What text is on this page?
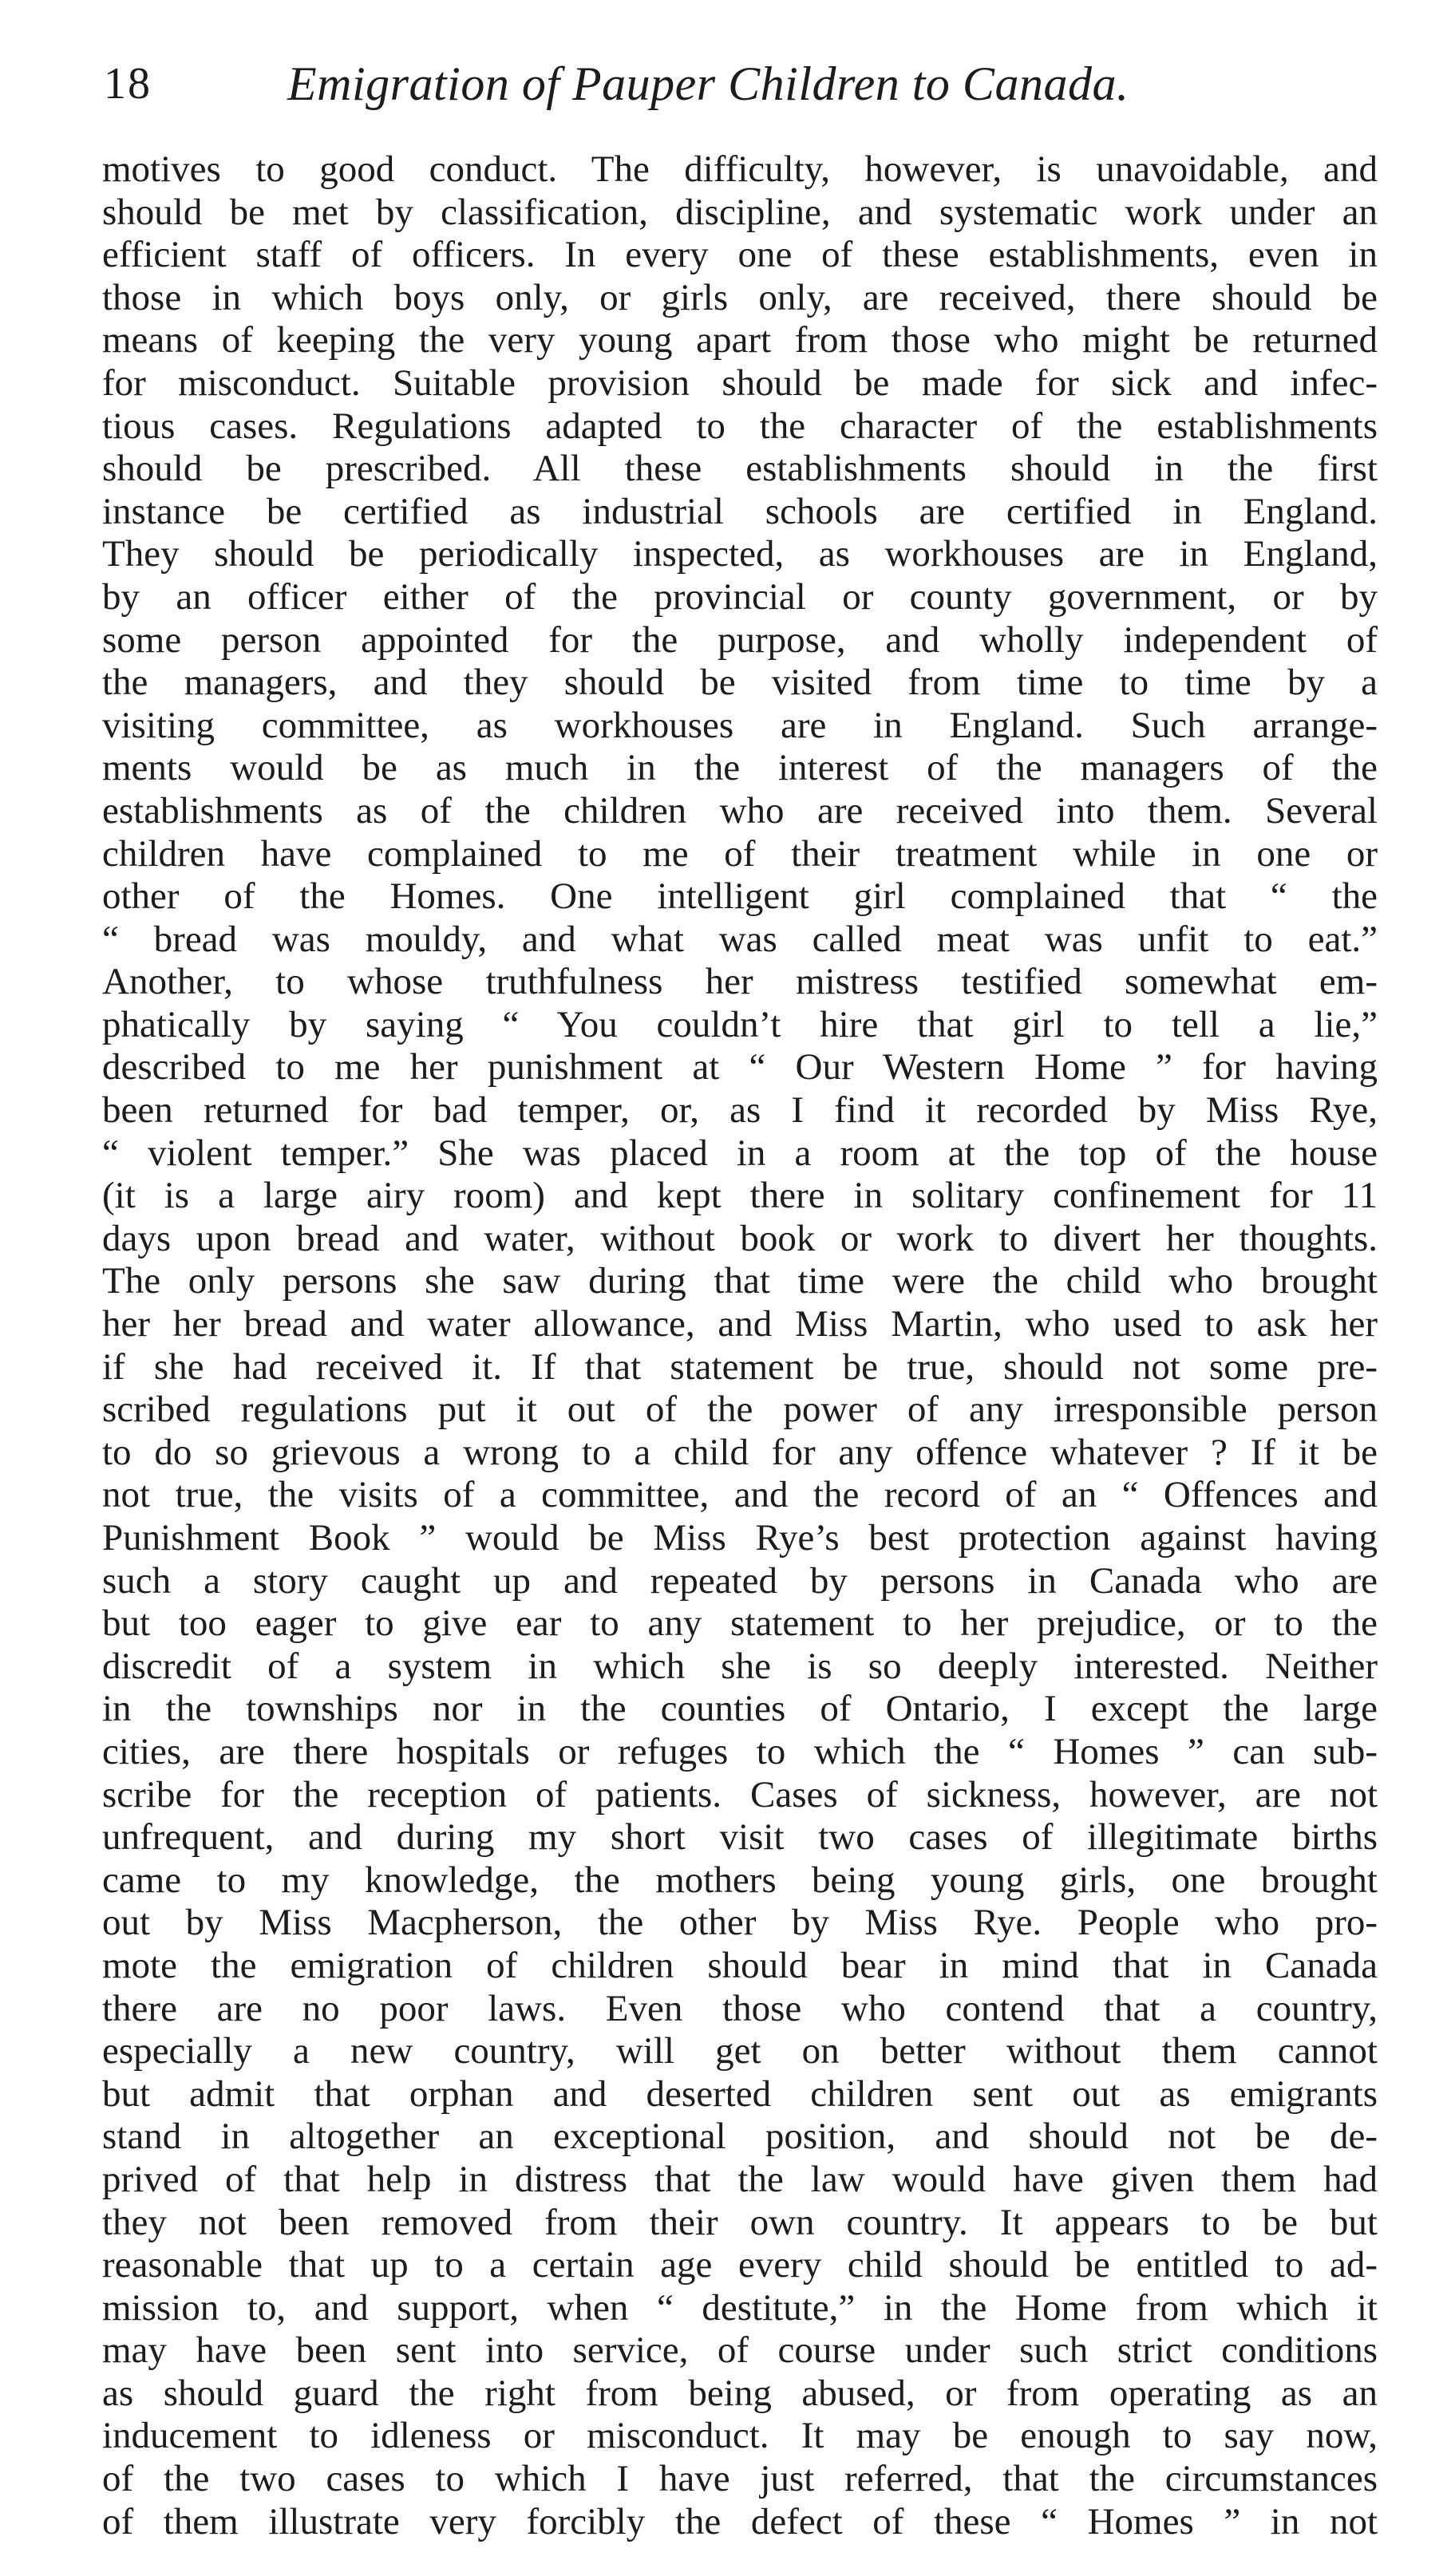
18	Emigration of Pauper Children to Canada.
motives to good conduct. The difficulty, however, is unavoidable, and
should be met by classification, discipline, and systematic work under an
efficient staff of officers. In every one of these establishments, even in
those in which boys only, or girls only, are received, there should be
means of keeping the very young apart from those who might be returned
for misconduct. Suitable provision should be made for sick and infec-
tious cases. Regulations adapted to the character of the establishments
should be prescribed. All these establishments should in the first
instance be certified as industrial schools are certified in England.
They should be periodically inspected, as workhouses are in England,
by an officer either of the provincial or county government, or by
some person appointed for the purpose, and wholly independent of
the managers, and they should be visited from time to time by a
visiting committee, as workhouses are in England. Such arrange-
ments would be as much in the interest of the managers of the
establishments as of the children who are received into them. Several
children have complained to me of their treatment while in one or
other of the Homes. One intelligent girl complained that “ the
“ bread was mouldy, and what was called meat was unfit to eat.”
Another, to whose truthfulness her mistress testified somewhat em-
phatically by saying “ You couldn’t hire that girl to tell a lie,”
described to me her punishment at “ Our Western Home ” for having
been returned for bad temper, or, as I find it recorded by Miss Rye,
“ violent temper.” She was placed in a room at the top of the house
(it is a large airy room) and kept there in solitary confinement for 11
days upon bread and water, without book or work to divert her thoughts.
The only persons she saw during that time were the child who brought
her her bread and water allowance, and Miss Martin, who used to ask her
if she had received it. If that statement be true, should not some pre-
scribed regulations put it out of the power of any irresponsible person
to do so grievous a wrong to a child for any offence whatever ? If it be
not true, the visits of a committee, and the record of an “ Offences and
Punishment Book ” would be Miss Rye’s best protection against having
such a story caught up and repeated by persons in Canada who are
but too eager to give ear to any statement to her prejudice, or to the
discredit of a system in which she is so deeply interested. Neither
in the townships nor in the counties of Ontario, I except the large
cities, are there hospitals or refuges to which the “ Homes ” can sub-
scribe for the reception of patients. Cases of sickness, however, are not
unfrequent, and during my short visit two cases of illegitimate births
came to my knowledge, the mothers being young girls, one brought
out by Miss Macpherson, the other by Miss Rye. People who pro-
mote the emigration of children should bear in mind that in Canada
there are no poor laws. Even those who contend that a country,
especially a new country, will get on better without them cannot
but admit that orphan and deserted children sent out as emigrants
stand in altogether an exceptional position, and should not be de-
prived of that help in distress that the law would have given them had
they not been removed from their own country. It appears to be but
reasonable that up to a certain age every child should be entitled to ad-
mission to, and support, when “ destitute,” in the Home from which it
may have been sent into service, of course under such strict conditions
as should guard the right from being abused, or from operating as an
inducement to idleness or misconduct. It may be enough to say now,
of the two cases to which I have just referred, that the circumstances
of them illustrate very forcibly the defect of these “ Homes ” in not
